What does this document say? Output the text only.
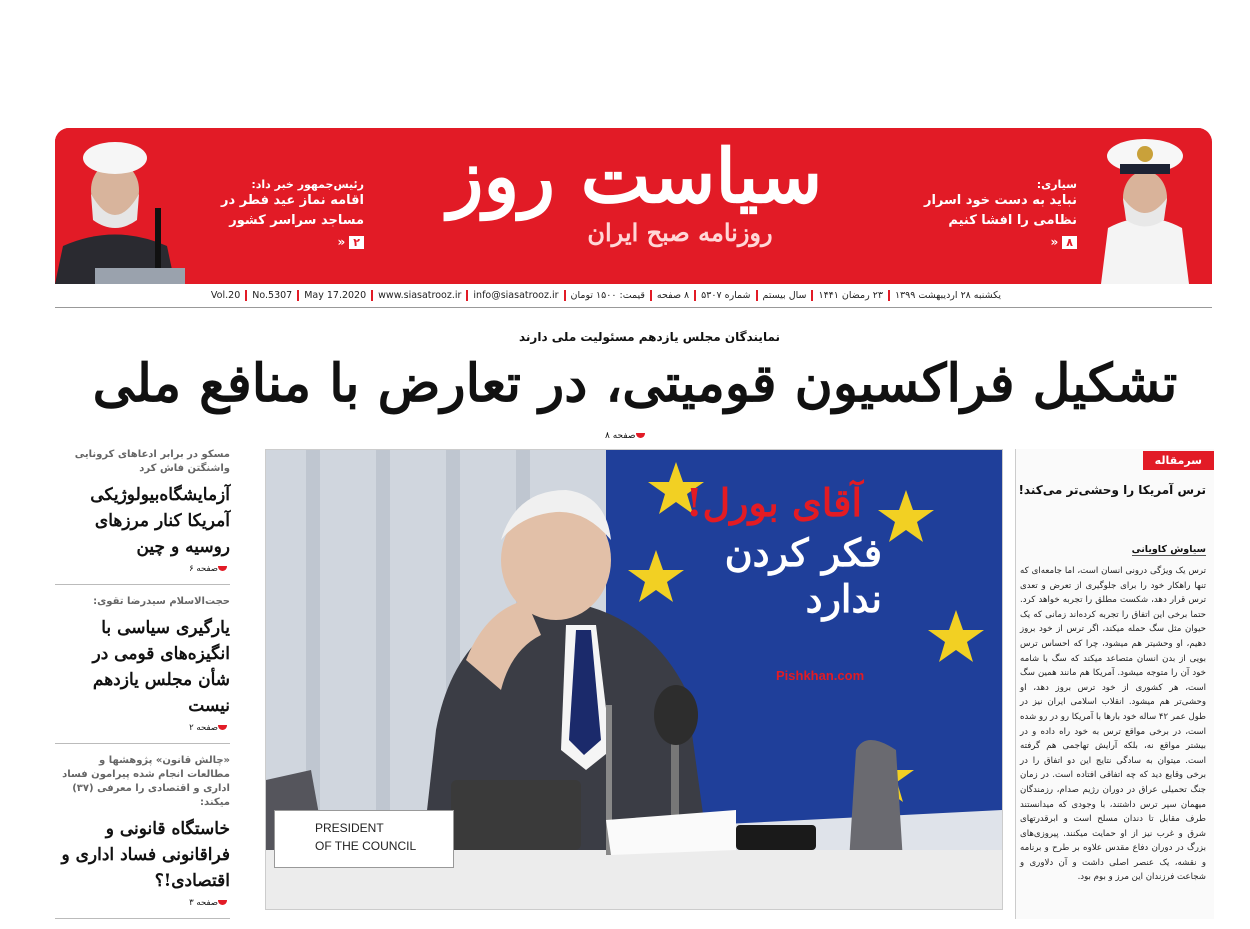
سیاری:
نباید به دست خود اسرار نظامی را افشا کنیم
۸«
سیاست روز
روزنامه صبح ایران
رئیس‌جمهور خبر داد:
اقامه نماز عید فطر در مساجد سراسر کشور
۲«
یکشنبه ۲۸ اردیبهشت ۱۳۹۹
۲۳ رمضان ۱۴۴۱
سال بیستم
شماره ۵۳۰۷
۸ صفحه
قیمت: ۱۵۰۰ تومان
info@siasatrooz.ir
www.siasatrooz.ir
May 17.2020
No.5307
Vol.20
نمایندگان مجلس یازدهم مسئولیت ملی دارند
تشکیل فراکسیون قومیتی، در تعارض با منافع ملی
صفحه ۸
مسکو در برابر ادعاهای کرونایی واشنگتن فاش کرد
آزمایشگاه‌بیولوژیکی آمریکا کنار مرزهای روسیه و چین
صفحه ۶
حجت‌الاسلام سیدرضا تقوی:
یارگیری سیاسی با انگیزه‌های قومی در شأن مجلس یازدهم نیست
صفحه ۲
«چالش قانون» پژوهشها و مطالعات انجام شده پیرامون فساد اداری و اقتصادی را معرفی (۳۷) میکند:
خاستگاه قانونی و فراقانونی فساد اداری و اقتصادی!؟
صفحه ۳
آقای بورل!
فکر کردن
ندارد
PRESIDENT
OF THE COUNCIL
Pishkhan.com
سرمقاله
ترس آمریکا را وحشی‌تر می‌کند!
سیاوش کاویانی
ترس یک ویژگی درونی انسان است، اما جامعه‌ای که تنها راهکار خود را برای جلوگیری از تعرض و تعدی ترس قرار دهد، شکست مطلق را تجربه خواهد کرد. حتما برخی این اتفاق را تجربه کرده‌اند زمانی که یک حیوان مثل سگ حمله میکند، اگر ترس از خود بروز دهیم، او وحشیتر هم میشود، چرا که احساس ترس بویی از بدن انسان متصاعد میکند که سگ با شامه خود آن را متوجه میشود. آمریکا هم مانند همین سگ است، هر کشوری از خود ترس بروز دهد، او وحشی‌تر هم میشود. انقلاب اسلامی ایران نیز در طول عمر ۴۲ ساله خود بارها با آمریکا رو در رو شده است، در برخی مواقع ترس به خود راه داده و در بیشتر مواقع نه، بلکه آرایش تهاجمی هم گرفته است. میتوان به سادگی نتایج این دو اتفاق را در برخی وقایع دید که چه اتفاقی افتاده است. در زمان جنگ تحمیلی عراق در دوران رژیم صدام، رزمندگان میهمان سپر ترس داشتند، با وجودی که میدانستند طرف مقابل تا دندان مسلح است و ابرقدرتهای شرق و غرب نیز از او حمایت میکنند. پیروزی‌های بزرگ در دوران دفاع مقدس علاوه بر طرح و برنامه و نقشه، یک عنصر اصلی داشت و آن دلاوری و شجاعت فرزندان این مرز و بوم بود.
